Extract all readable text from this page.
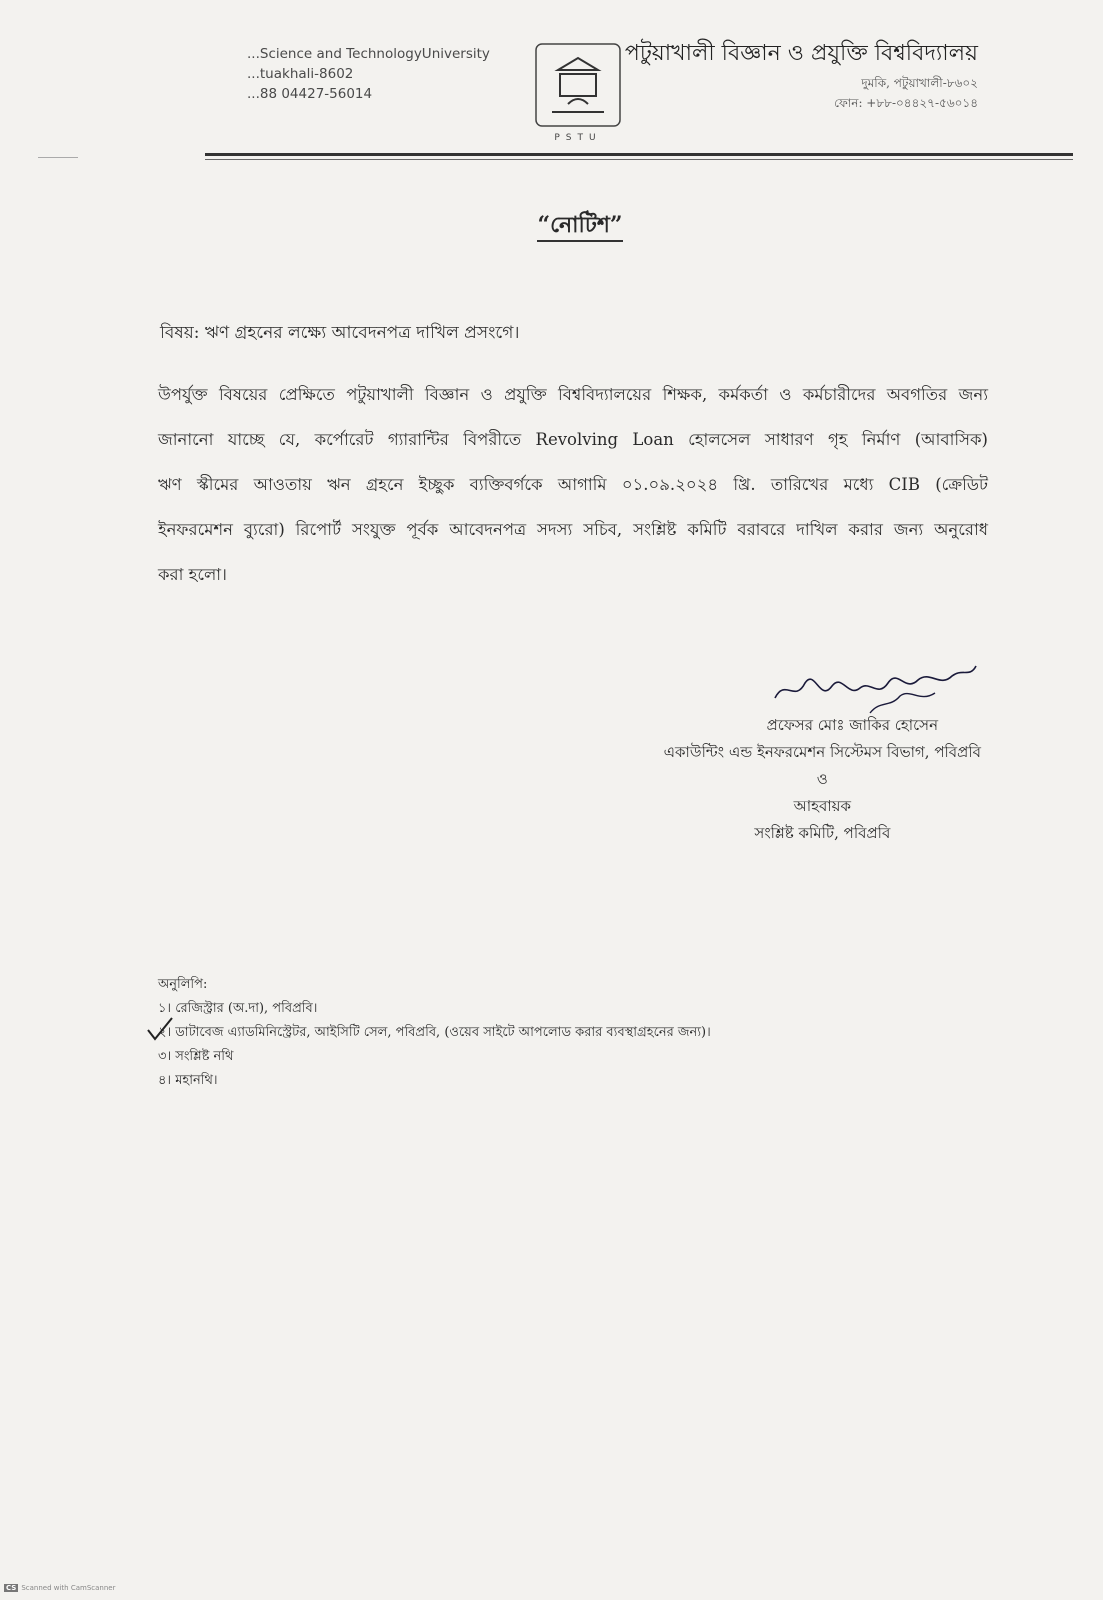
...Science and TechnologyUniversity
...tuakhali-8602
...88 04427-56014
PSTU
পটুয়াখালী বিজ্ঞান ও প্রযুক্তি বিশ্ববিদ্যালয়
দুমকি, পটুয়াখালী-৮৬০২
ফোন: +৮৮-০৪৪২৭-৫৬০১৪
“নোটিশ”
বিষয়: ঋণ গ্রহনের লক্ষ্যে আবেদনপত্র দাখিল প্রসংগে।
উপর্যুক্ত বিষয়ের প্রেক্ষিতে পটুয়াখালী বিজ্ঞান ও প্রযুক্তি বিশ্ববিদ্যালয়ের শিক্ষক, কর্মকর্তা ও কর্মচারীদের অবগতির জন্য
জানানো যাচ্ছে যে, কর্পোরেট গ্যারান্টির বিপরীতে Revolving Loan হোলসেল সাধারণ গৃহ নির্মাণ (আবাসিক)
ঋণ স্কীমের আওতায় ঋন গ্রহনে ইচ্ছুক ব্যক্তিবর্গকে আগামি ০১.০৯.২০২৪ খ্রি. তারিখের মধ্যে CIB (ক্রেডিট
ইনফরমেশন ব্যুরো) রিপোর্ট সংযুক্ত পূর্বক আবেদনপত্র সদস্য সচিব, সংশ্লিষ্ট কমিটি বরাবরে দাখিল করার জন্য অনুরোধ
করা হলো।
প্রফেসর মোঃ জাকির হোসেন
একাউন্টিং এন্ড ইনফরমেশন সিস্টেমস বিভাগ, পবিপ্রবি
ও
আহবায়ক
সংশ্লিষ্ট কমিটি, পবিপ্রবি
অনুলিপি:
১। রেজিস্ট্রার (অ.দা), পবিপ্রবি।
২। ডাটাবেজ এ্যাডমিনিস্ট্রেটর, আইসিটি সেল, পবিপ্রবি, (ওয়েব সাইটে আপলোড করার ব্যবস্থাগ্রহনের জন্য)।
৩। সংশ্লিষ্ট নথি
৪। মহানথি।
CS Scanned with CamScanner
